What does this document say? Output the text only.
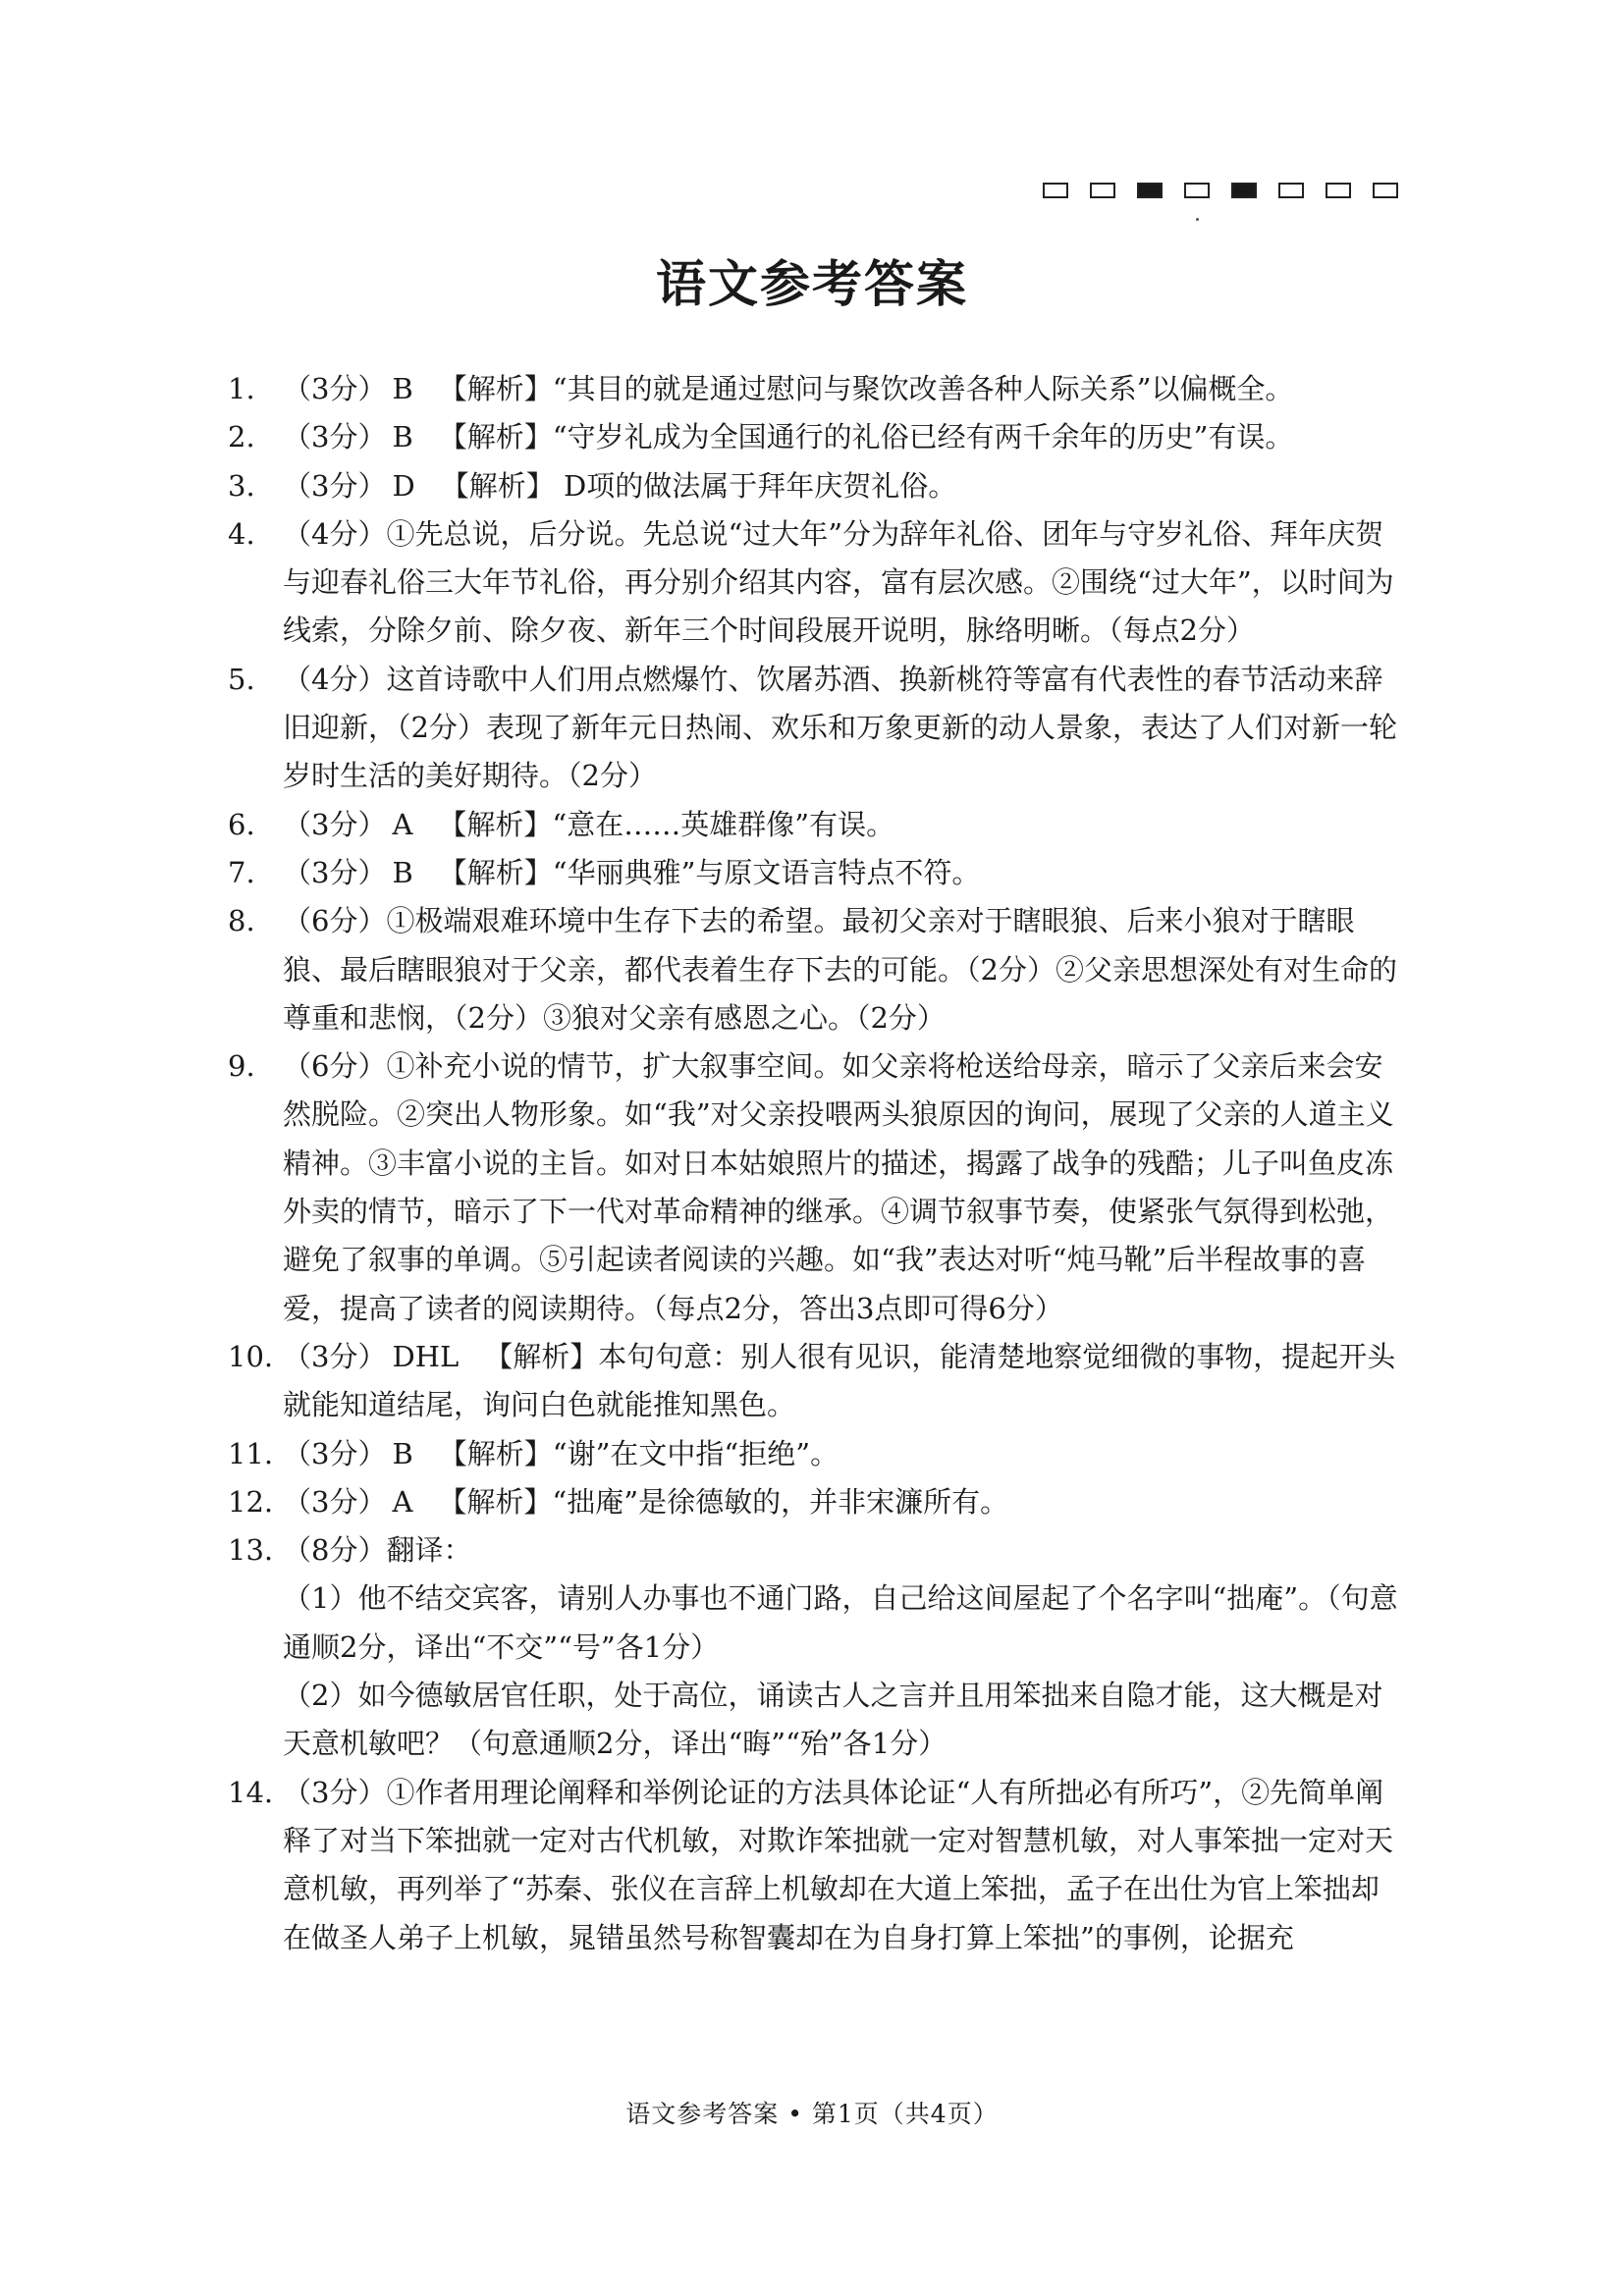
语文参考答案
1. （3分） B 【解析】“其目的就是通过慰问与聚饮改善各种人际关系”以偏概全。
2. （3分） B 【解析】“守岁礼成为全国通行的礼俗已经有两千余年的历史”有误。
3. （3分） D 【解析】 D项的做法属于拜年庆贺礼俗。
4. （4分）①先总说，后分说。先总说“过大年”分为辞年礼俗、团年与守岁礼俗、拜年庆贺与迎春礼俗三大年节礼俗，再分别介绍其内容，富有层次感。②围绕“过大年”，以时间为线索，分除夕前、除夕夜、新年三个时间段展开说明，脉络明晰。（每点2分）
5. （4分）这首诗歌中人们用点燃爆竹、饮屠苏酒、换新桃符等富有代表性的春节活动来辞旧迎新，（2分）表现了新年元日热闹、欢乐和万象更新的动人景象，表达了人们对新一轮岁时生活的美好期待。（2分）
6. （3分） A 【解析】“意在……英雄群像”有误。
7. （3分） B 【解析】“华丽典雅”与原文语言特点不符。
8. （6分）①极端艰难环境中生存下去的希望。最初父亲对于瞎眼狼、后来小狼对于瞎眼狼、最后瞎眼狼对于父亲，都代表着生存下去的可能。（2分）②父亲思想深处有对生命的尊重和悲悯，（2分）③狼对父亲有感恩之心。（2分）
9. （6分）①补充小说的情节，扩大叙事空间。如父亲将枪送给母亲，暗示了父亲后来会安然脱险。②突出人物形象。如“我”对父亲投喂两头狼原因的询问，展现了父亲的人道主义精神。③丰富小说的主旨。如对日本姑娘照片的描述，揭露了战争的残酷；儿子叫鱼皮冻外卖的情节，暗示了下一代对革命精神的继承。④调节叙事节奏，使紧张气氛得到松弛，避免了叙事的单调。⑤引起读者阅读的兴趣。如“我”表达对听“炖马靴”后半程故事的喜爱，提高了读者的阅读期待。（每点2分，答出3点即可得6分）
10. （3分） DHL 【解析】本句句意：别人很有见识，能清楚地察觉细微的事物，提起开头就能知道结尾，询问白色就能推知黑色。
11. （3分） B 【解析】“谢”在文中指“拒绝”。
12. （3分） A 【解析】“拙庵”是徐德敏的，并非宋濂所有。
13. （8分）翻译：
（1）他不结交宾客，请别人办事也不通门路，自己给这间屋起了个名字叫“拙庵”。（句意通顺2分，译出“不交”“号”各1分）
（2）如今德敏居官任职，处于高位，诵读古人之言并且用笨拙来自隐才能，这大概是对天意机敏吧？（句意通顺2分，译出“晦”“殆”各1分）
14. （3分）①作者用理论阐释和举例论证的方法具体论证“人有所拙必有所巧”，②先简单阐释了对当下笨拙就一定对古代机敏，对欺诈笨拙就一定对智慧机敏，对人事笨拙一定对天意机敏，再列举了“苏秦、张仪在言辞上机敏却在大道上笨拙，孟子在出仕为官上笨拙却在做圣人弟子上机敏，晁错虽然号称智囊却在为自身打算上笨拙”的事例，论据充
语文参考答案 • 第1页（共4页）
